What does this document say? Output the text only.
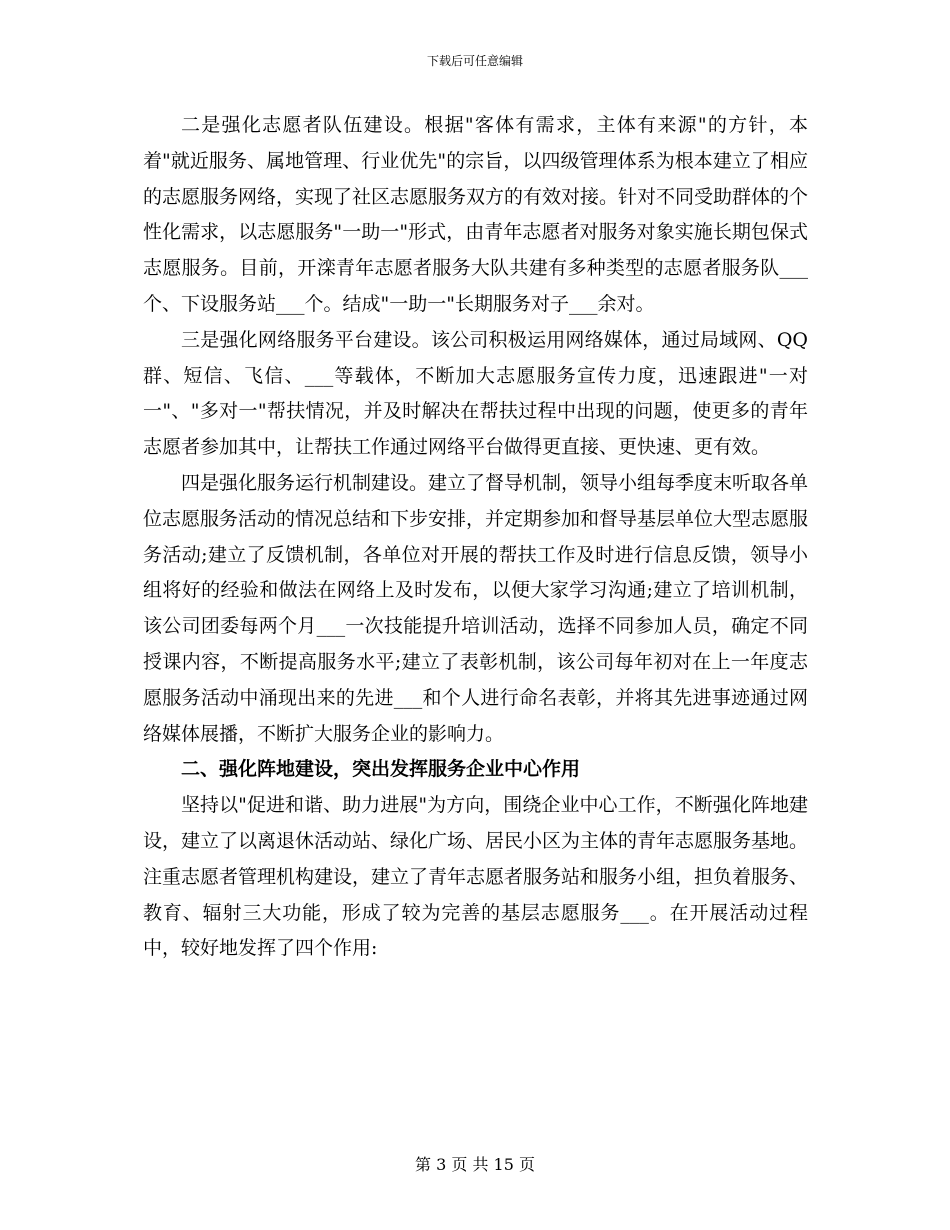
下载后可任意编辑

二是强化志愿者队伍建设。根据"客体有需求，主体有来源"的方针，本着"就近服务、属地管理、行业优先"的宗旨，以四级管理体系为根本建立了相应的志愿服务网络，实现了社区志愿服务双方的有效对接。针对不同受助群体的个性化需求，以志愿服务"一助一"形式，由青年志愿者对服务对象实施长期包保式志愿服务。目前，开滦青年志愿者服务大队共建有多种类型的志愿者服务队___个、下设服务站___个。结成"一助一"长期服务对子___余对。

三是强化网络服务平台建设。该公司积极运用网络媒体，通过局域网、QQ群、短信、飞信、___等载体，不断加大志愿服务宣传力度，迅速跟进"一对一"、"多对一"帮扶情况，并及时解决在帮扶过程中出现的问题，使更多的青年志愿者参加其中，让帮扶工作通过网络平台做得更直接、更快速、更有效。

四是强化服务运行机制建设。建立了督导机制，领导小组每季度末听取各单位志愿服务活动的情况总结和下步安排，并定期参加和督导基层单位大型志愿服务活动;建立了反馈机制，各单位对开展的帮扶工作及时进行信息反馈，领导小组将好的经验和做法在网络上及时发布，以便大家学习沟通;建立了培训机制，该公司团委每两个月___一次技能提升培训活动，选择不同参加人员，确定不同授课内容，不断提高服务水平;建立了表彰机制，该公司每年初对在上一年度志愿服务活动中涌现出来的先进___和个人进行命名表彰，并将其先进事迹通过网络媒体展播，不断扩大服务企业的影响力。

二、强化阵地建设，突出发挥服务企业中心作用

坚持以"促进和谐、助力进展"为方向，围绕企业中心工作，不断强化阵地建设，建立了以离退休活动站、绿化广场、居民小区为主体的青年志愿服务基地。注重志愿者管理机构建设，建立了青年志愿者服务站和服务小组，担负着服务、教育、辐射三大功能，形成了较为完善的基层志愿服务___。在开展活动过程中，较好地发挥了四个作用:

第 3 页 共 15 页
